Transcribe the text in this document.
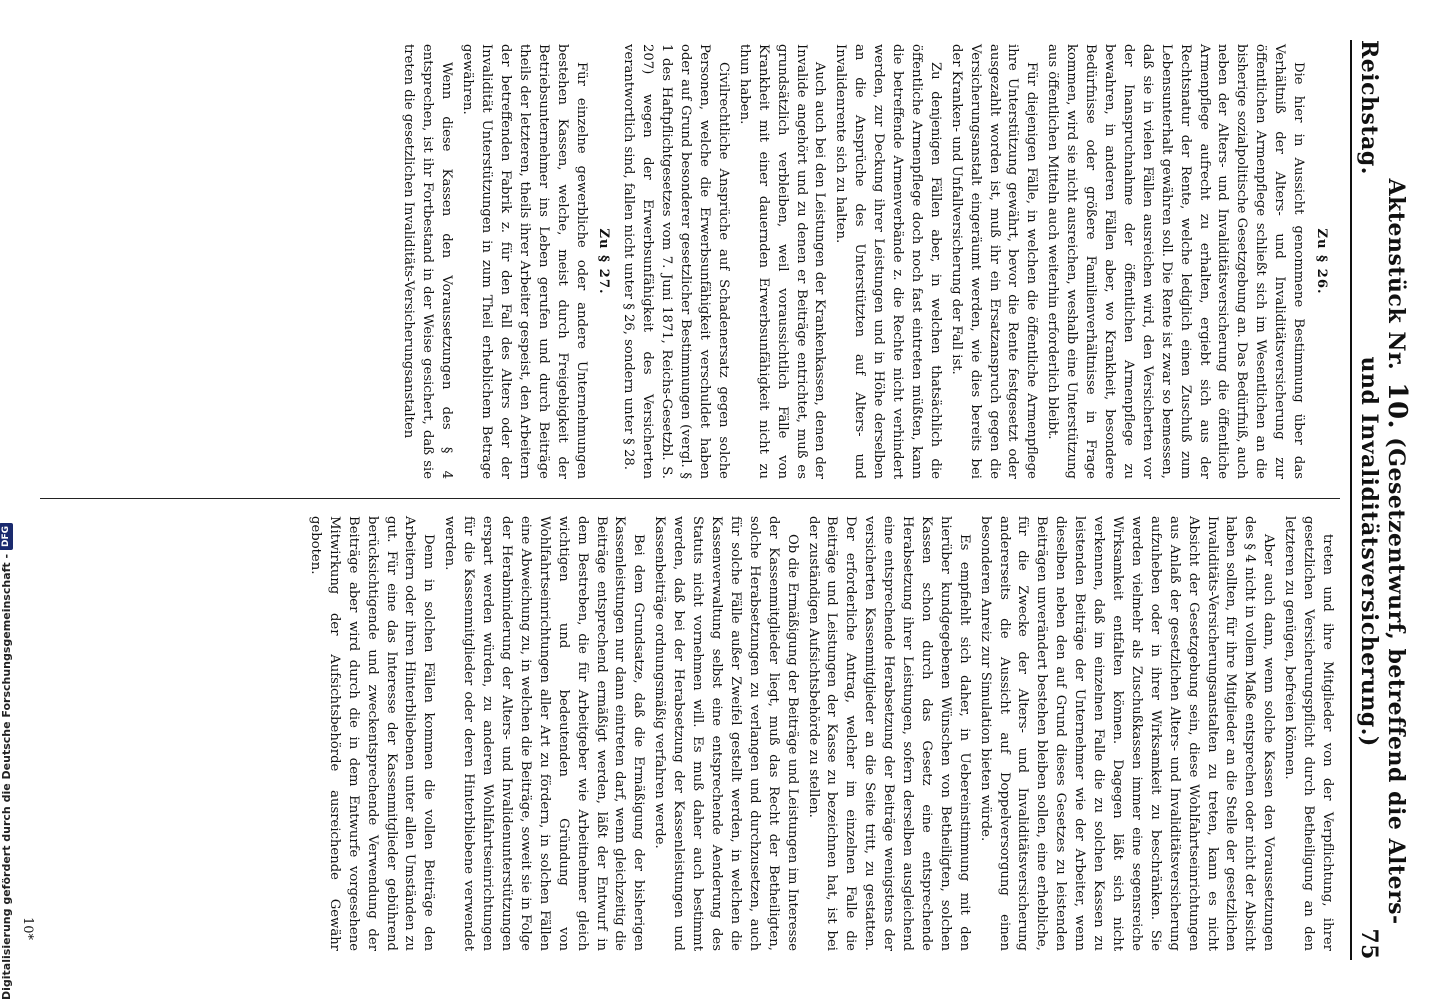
Reichstag.
Aktenstück Nr. 10. (Gesetzentwurf, betreffend die Alters- und Invaliditätsversicherung.)
75
Zu § 26.

Die hier in Aussicht genommene Bestimmung über das Verhältniß der Alters- und Invaliditätsversicherung zur öffentlichen Armenpflege schließt sich im Wesentlichen an die bisherige sozialpolitische Gesetzgebung an. Das Bedürfniß, auch neben der Alters- und Invaliditätsversicherung die öffentliche Armenpflege aufrecht zu erhalten, ergiebt sich aus der Rechtsnatur der Rente, welche lediglich einen Zuschuß zum Lebensunterhalt gewähren soll. Die Rente ist zwar so bemessen, daß sie in vielen Fällen ausreichen wird, den Versicherten vor der Inanspruchnahme der öffentlichen Armenpflege zu bewahren, in anderen Fällen aber, wo Krankheit, besondere Bedürfnisse oder größere Familienverhältnisse in Frage kommen, wird sie nicht ausreichen, weshalb eine Unterstützung aus öffentlichen Mitteln auch weiterhin erforderlich bleibt.

Für diejenigen Fälle, in welchen die öffentliche Armenpflege ihre Unterstützung gewährt, bevor die Rente festgesetzt oder ausgezahlt worden ist, muß ihr ein Ersatzanspruch gegen die Versicherungsanstalt eingeräumt werden, wie dies bereits bei der Kranken- und Unfallversicherung der Fall ist.

Zu denjenigen Fällen aber, in welchen thatsächlich die öffentliche Armenpflege doch noch fast eintreten müßten, kann die betreffende Armenverbände z. die Rechte nicht verhindert werden, zur Deckung ihrer Leistungen und in Höhe derselben an die Ansprüche des Unterstützten auf Alters- und Invalidenrente sich zu halten.

Auch auch bei den Leistungen der Krankenkassen, denen der Invalide angehört und zu denen er Beiträge entrichtet, muß es grundsätzlich verbleiben, weil voraussichtlich Fälle von Krankheit mit einer dauernden Erwerbsunfähigkeit nicht zu thun haben.

Civilrechtliche Ansprüche auf Schadenersatz gegen solche Personen, welche die Erwerbsunfähigkeit verschuldet haben oder auf Grund besonderer gesetzlicher Bestimmungen (vergl. § 1 des Haftpflichtgesetzes vom 7. Juni 1871, Reichs-Gesetzbl. S. 207) wegen der Erwerbsunfähigkeit des Versicherten verantwortlich sind, fallen nicht unter § 26, sondern unter § 28.

Zu § 27.

Für einzelne gewerbliche oder andere Unternehmungen bestehen Kassen, welche, meist durch Freigebigkeit der Betriebsunternehmer ins Leben gerufen und durch Beiträge theils der letzteren, theils ihrer Arbeiter gespeist, den Arbeitern der betreffenden Fabrik z. für den Fall des Alters oder der Invalidität Unterstützungen in zum Theil erheblichem Betrage gewähren.

Wenn diese Kassen den Voraussetzungen des § 4 entsprechen, ist ihr Fortbestand in der Weise gesichert, daß sie treten die gesetzlichen Invaliditäts-Versicherungsanstalten

treten und ihre Mitglieder von der Verpflichtung, ihrer gesetzlichen Versicherungspflicht durch Betheiligung an den letzteren zu genügen, befreien können.

Aber auch dann, wenn solche Kassen den Voraussetzungen des § 4 nicht in vollem Maße entsprechen oder nicht der Absicht haben sollten, für ihre Mitglieder an die Stelle der gesetzlichen Invaliditäts-Versicherungsanstalten zu treten, kann es nicht Absicht der Gesetzgebung sein, diese Wohlfahrtseinrichtungen aus Anlaß der gesetzlichen Alters- und Invaliditätsversicherung aufzuheben oder in ihrer Wirksamkeit zu beschränken. Sie werden vielmehr als Zuschußkassen immer eine segensreiche Wirksamkeit entfalten können. Dagegen läßt sich nicht verkennen, daß im einzelnen Falle die zu solchen Kassen zu leistenden Beiträge der Unternehmer wie der Arbeiter, wenn dieselben neben den auf Grund dieses Gesetzes zu leistenden Beiträgen unverändert bestehen bleiben sollen, eine erhebliche, für die Zwecke der Alters- und Invaliditätsversicherung andererseits die Aussicht auf Doppelversorgung einen besonderen Anreiz zur Simulation bieten würde.

Es empfiehlt sich daher, in Uebereinstimmung mit den hierüber kundgegebenen Wünschen von Betheiligten, solchen Kassen schon durch das Gesetz eine entsprechende Herabsetzung ihrer Leistungen, sofern derselben ausgleichend eine entsprechende Herabsetzung der Beiträge wenigstens der versicherten Kassenmitglieder an die Seite tritt, zu gestatten. Der erforderliche Antrag, welcher im einzelnen Falle die Beiträge und Leistungen der Kasse zu bezeichnen hat, ist bei der zuständigen Aufsichtsbehörde zu stellen.

Ob die Ermäßigung der Beiträge und Leistungen im Interesse der Kassenmitglieder liegt, muß das Recht der Betheiligten, solche Herabsetzungen zu verlangen und durchzusetzen, auch für solche Fälle außer Zweifel gestellt werden, in welchen die Kassenverwaltung selbst eine entsprechende Aenderung des Statuts nicht vornehmen will. Es muß daher auch bestimmt werden, daß bei der Herabsetzung der Kassenleistungen und Kassenbeiträge ordnungsmäßig verfahren werde.

Bei dem Grundsatze, daß die Ermäßigung der bisherigen Kassenleistungen nur dann eintreten darf, wenn gleichzeitig die Beiträge entsprechend ermäßigt werden, läßt der Entwurf in dem Bestreben, die für Arbeitgeber wie Arbeitnehmer gleich wichtigen und bedeutenden Gründung von Wohlfahrtseinrichtungen aller Art zu fördern, in solchen Fällen eine Abweichung zu, in welchen die Beiträge, soweit sie in Folge der Herabminderung der Alters- und Invalidenunterstützungen erspart werden würden, zu anderen Wohlfahrtseinrichtungen für die Kassenmitglieder oder deren Hinterbliebene verwendet werden.

Denn in solchen Fällen kommen die vollen Beiträge den Arbeitern oder ihren Hinterbliebenen unter allen Umständen zu gut. Für eine das Interesse der Kassenmitglieder gebührend berücksichtigende und zweckentsprechende Verwendung der Beiträge aber wird durch die in dem Entwurfe vorgesehene Mitwirkung der Aufsichtsbehörde ausreichende Gewähr geboten.

10*
Digitalisierung gefördert durch die Deutsche Forschungsgemeinschaft -
DFG
